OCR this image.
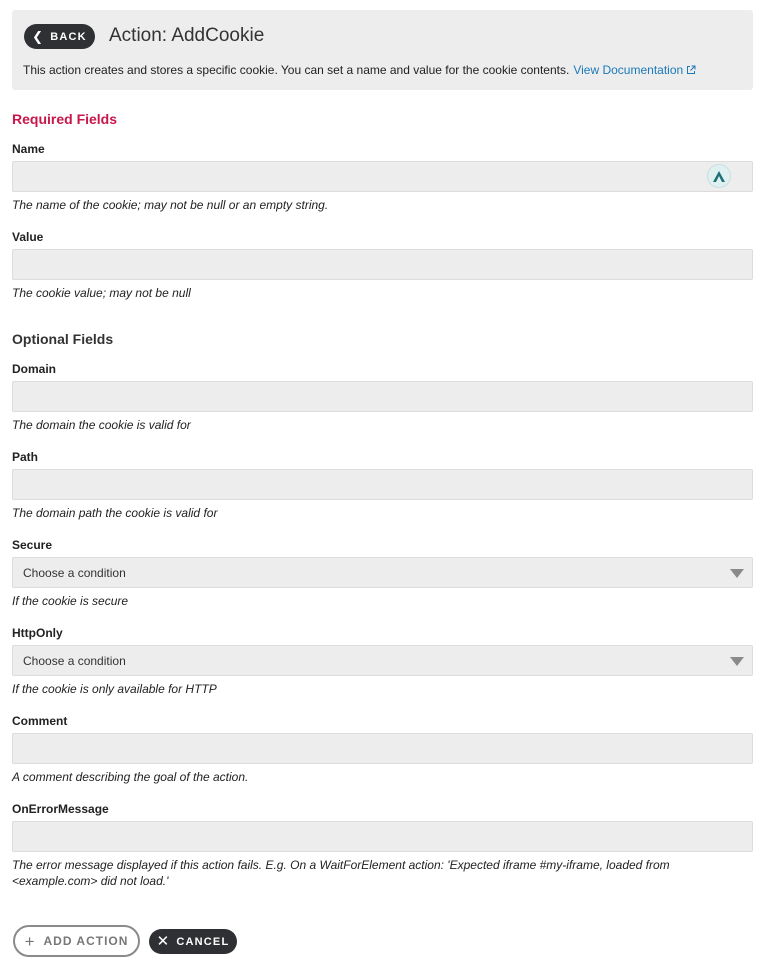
❮ BACK Action: AddCookie
This action creates and stores a specific cookie. You can set a name and value for the cookie contents. View Documentation
Required Fields
Name
The name of the cookie; may not be null or an empty string.
Value
The cookie value; may not be null
Optional Fields
Domain
The domain the cookie is valid for
Path
The domain path the cookie is valid for
Secure
Choose a condition
If the cookie is secure
HttpOnly
Choose a condition
If the cookie is only available for HTTP
Comment
A comment describing the goal of the action.
OnErrorMessage
The error message displayed if this action fails. E.g. On a WaitForElement action: 'Expected iframe #my-iframe, loaded from <example.com> did not load.'
+ ADD ACTION ✕ CANCEL
